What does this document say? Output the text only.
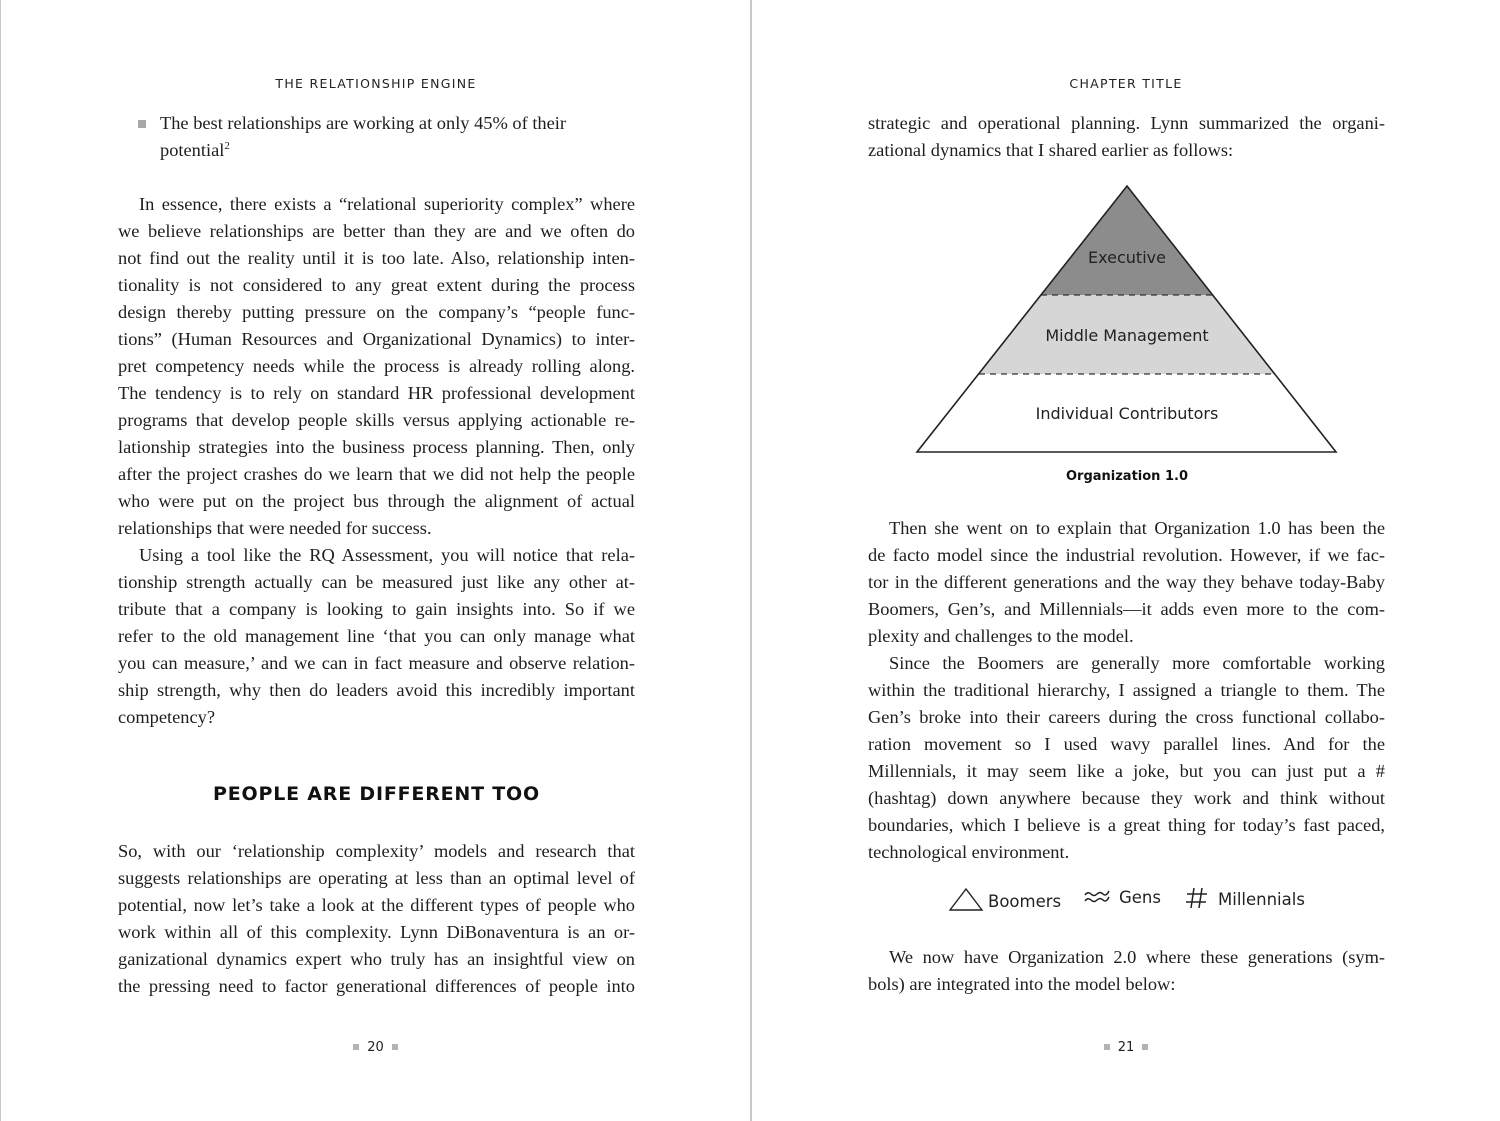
THE RELATIONSHIP ENGINE
The best relationships are working at only 45% of their
potential$^2$
In essence, there exists a “relational superiority complex” where
we believe relationships are better than they are and we often do
not find out the reality until it is too late. Also, relationship inten-
tionality is not considered to any great extent during the process
design thereby putting pressure on the company’s “people func-
tions” (Human Resources and Organizational Dynamics) to inter-
pret competency needs while the process is already rolling along.
The tendency is to rely on standard HR professional development
programs that develop people skills versus applying actionable re-
lationship strategies into the business process planning. Then, only
after the project crashes do we learn that we did not help the people
who were put on the project bus through the alignment of actual
relationships that were needed for success.
Using a tool like the RQ Assessment, you will notice that rela-
tionship strength actually can be measured just like any other at-
tribute that a company is looking to gain insights into. So if we
refer to the old management line ‘that you can only manage what
you can measure,’ and we can in fact measure and observe relation-
ship strength, why then do leaders avoid this incredibly important
competency?
PEOPLE ARE DIFFERENT TOO
So, with our ‘relationship complexity’ models and research that
suggests relationships are operating at less than an optimal level of
potential, now let’s take a look at the different types of people who
work within all of this complexity. Lynn DiBonaventura is an or-
ganizational dynamics expert who truly has an insightful view on
the pressing need to factor generational differences of people into
20
CHAPTER TITLE
strategic and operational planning. Lynn summarized the organi-
zational dynamics that I shared earlier as follows:
Executive
Middle Management
Individual Contributors
Organization 1.0
Then she went on to explain that Organization 1.0 has been the
de facto model since the industrial revolution. However, if we fac-
tor in the different generations and the way they behave today-Baby
Boomers, Gen’s, and Millennials—it adds even more to the com-
plexity and challenges to the model.
Since the Boomers are generally more comfortable working
within the traditional hierarchy, I assigned a triangle to them. The
Gen’s broke into their careers during the cross functional collabo-
ration movement so I used wavy parallel lines. And for the
Millennials, it may seem like a joke, but you can just put a #
(hashtag) down anywhere because they work and think without
boundaries, which I believe is a great thing for today’s fast paced,
technological environment.
Boomers	Gens	Millennials
We now have Organization 2.0 where these generations (sym-
bols) are integrated into the model below:
21
